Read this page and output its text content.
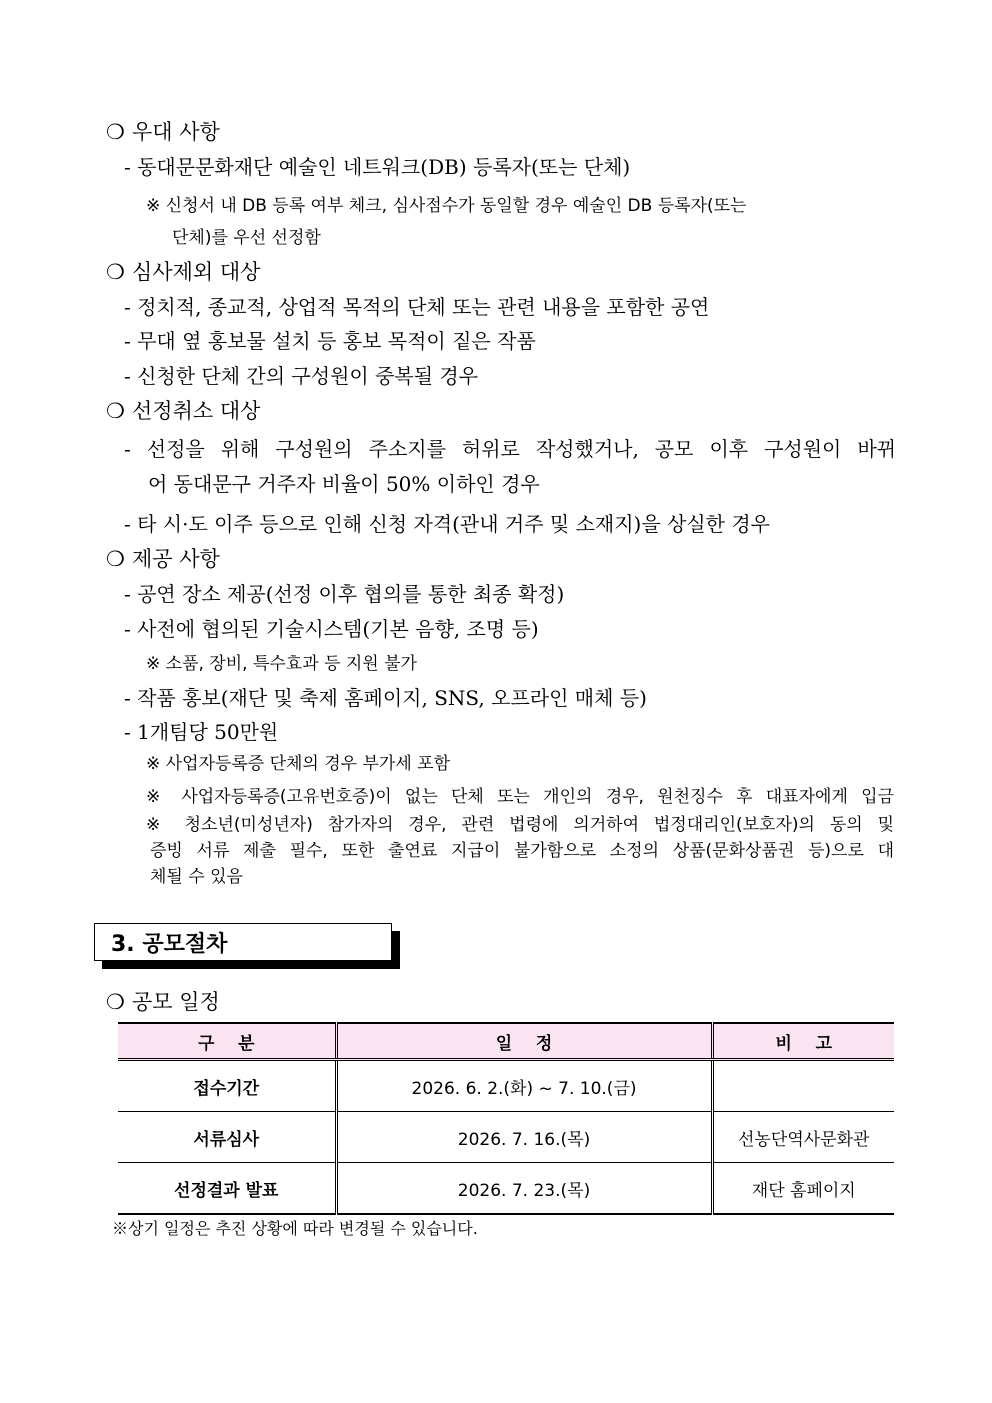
❍ 우대 사항
- 동대문문화재단 예술인 네트워크(DB) 등록자(또는 단체)
※ 신청서 내 DB 등록 여부 체크, 심사점수가 동일할 경우 예술인 DB 등록자(또는
단체)를 우선 선정함
❍ 심사제외 대상
- 정치적, 종교적, 상업적 목적의 단체 또는 관련 내용을 포함한 공연
- 무대 옆 홍보물 설치 등 홍보 목적이 짙은 작품
- 신청한 단체 간의 구성원이 중복될 경우
❍ 선정취소 대상
- 선정을 위해 구성원의 주소지를 허위로 작성했거나, 공모 이후 구성원이 바뀌
어 동대문구 거주자 비율이 50% 이하인 경우
- 타 시·도 이주 등으로 인해 신청 자격(관내 거주 및 소재지)을 상실한 경우
❍ 제공 사항
- 공연 장소 제공(선정 이후 협의를 통한 최종 확정)
- 사전에 협의된 기술시스템(기본 음향, 조명 등)
※ 소품, 장비, 특수효과 등 지원 불가
- 작품 홍보(재단 및 축제 홈페이지, SNS, 오프라인 매체 등)
- 1개팀당 50만원
※ 사업자등록증 단체의 경우 부가세 포함
※ 사업자등록증(고유번호증)이 없는 단체 또는 개인의 경우, 원천징수 후 대표자에게 입금
※ 청소년(미성년자) 참가자의 경우, 관련 법령에 의거하여 법정대리인(보호자)의 동의 및
증빙 서류 제출 필수, 또한 출연료 지급이 불가함으로 소정의 상품(문화상품권 등)으로 대
체될 수 있음
3. 공모절차
❍ 공모 일정
구    분	일    정	비    고
접수기간	2026. 6. 2.(화) ~ 7. 10.(금)	
서류심사	2026. 7. 16.(목)	선농단역사문화관
선정결과 발표	2026. 7. 23.(목)	재단 홈페이지
※상기 일정은 추진 상황에 따라 변경될 수 있습니다.
